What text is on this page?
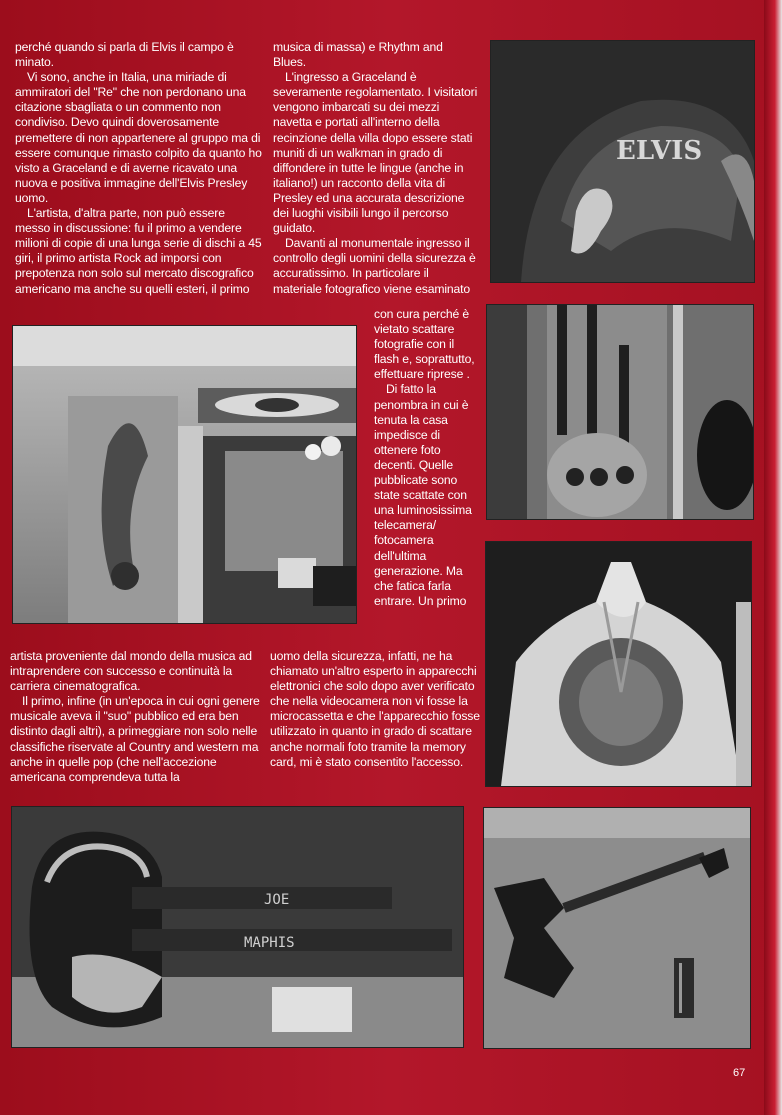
perché quando si parla di Elvis il campo è minato.

Vi sono, anche in Italia, una miriade di ammiratori del "Re" che non perdonano una citazione sbagliata o un commento non condiviso. Devo quindi doverosamente premettere di non appartenere al gruppo ma di essere comunque rimasto colpito da quanto ho visto a Graceland e di averne ricavato una nuova e positiva immagine dell'Elvis Presley uomo.

L'artista, d'altra parte, non può essere messo in discussione: fu il primo a vendere milioni di copie di una lunga serie di dischi a 45 giri, il primo artista Rock ad imporsi con prepotenza non solo sul mercato discografico americano ma anche su quelli esteri, il primo

musica di massa) e Rhythm and Blues.

L'ingresso a Graceland è severamente regolamentato. I visitatori vengono imbarcati su dei mezzi navetta e portati all'interno della recinzione della villa dopo essere stati muniti di un walkman in grado di diffondere in tutte le lingue (anche in italiano!) un racconto della vita di Presley ed una accurata descrizione dei luoghi visibili lungo il percorso guidato.

Davanti al monumentale ingresso il controllo degli uomini della sicurezza è accuratissimo. In particolare il materiale fotografico viene esaminato

con cura perché è vietato scattare fotografie con il flash e, soprattutto, effettuare riprese .

Di fatto la penombra in cui è tenuta la casa impedisce di ottenere foto decenti. Quelle pubblicate sono state scattate con una luminosissima telecamera/ fotocamera dell'ultima generazione. Ma che fatica farla entrare. Un primo

artista proveniente dal mondo della musica ad intraprendere con successo e continuità la carriera cinematografica.

Il primo, infine (in un'epoca in cui ogni genere musicale aveva il "suo" pubblico ed era ben distinto dagli altri), a primeggiare non solo nelle classifiche riservate al Country and western ma anche in quelle pop (che nell'accezione americana comprendeva tutta la

uomo della sicurezza, infatti, ne ha chiamato un'altro esperto in apparecchi elettronici che solo dopo aver verificato che nella videocamera non vi fosse la microcassetta e che l'apparecchio fosse utilizzato in quanto in grado di scattare anche normali foto tramite la memory card, mi è stato consentito l'accesso.

ELVIS
JOE
MAPHIS
67
